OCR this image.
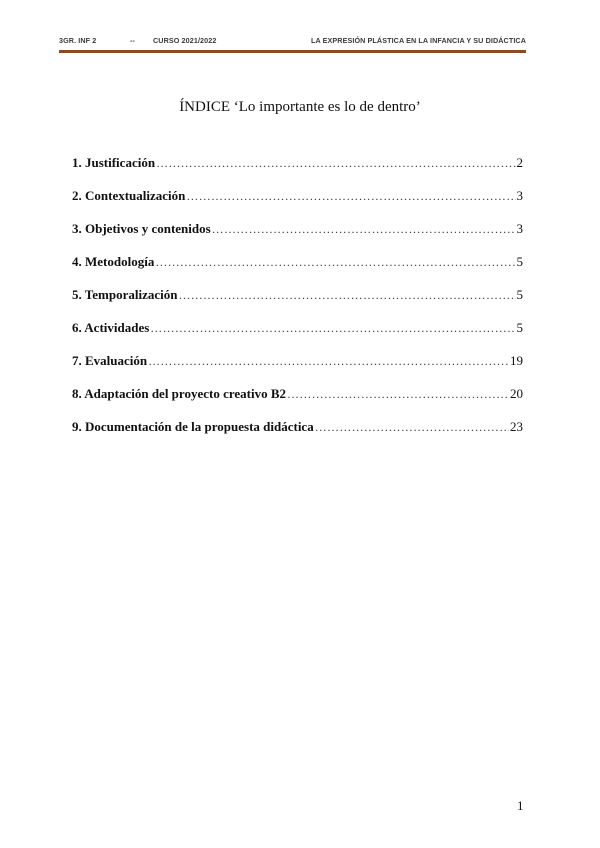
3GR. INF 2	--	CURSO 2021/2022	LA EXPRESIÓN PLÁSTICA EN LA INFANCIA Y SU DIDÁCTICA
ÍNDICE ‘Lo importante es lo de dentro’
1. Justificación ………………………………………………………………………………………………………………………………………………	2
2. Contextualización ………………………………………………………………………………………………………………………………………………	3
3. Objetivos y contenidos ………………………………………………………………………………………………………………………………………………	3
4. Metodología ………………………………………………………………………………………………………………………………………………	5
5. Temporalización ………………………………………………………………………………………………………………………………………………	5
6. Actividades ………………………………………………………………………………………………………………………………………………	5
7. Evaluación ………………………………………………………………………………………………………………………………………………	19
8. Adaptación del proyecto creativo B2 ………………………………………………………………………………………………………………………………………………	20
9. Documentación de la propuesta didáctica ………………………………………………………………………………………………………………………………………………	23
1
